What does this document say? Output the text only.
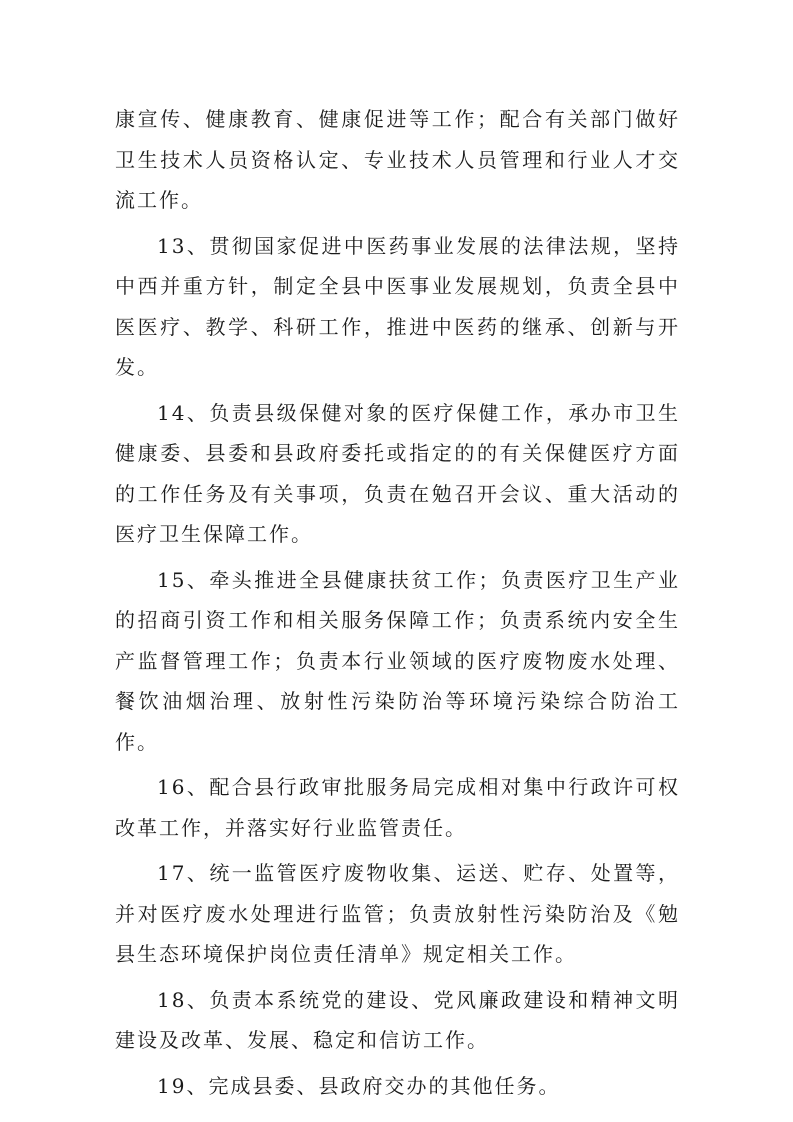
康宣传、健康教育、健康促进等工作；配合有关部门做好卫生技术人员资格认定、专业技术人员管理和行业人才交流工作。

13、贯彻国家促进中医药事业发展的法律法规，坚持中西并重方针，制定全县中医事业发展规划，负责全县中医医疗、教学、科研工作，推进中医药的继承、创新与开发。

14、负责县级保健对象的医疗保健工作，承办市卫生健康委、县委和县政府委托或指定的的有关保健医疗方面的工作任务及有关事项，负责在勉召开会议、重大活动的医疗卫生保障工作。

15、牵头推进全县健康扶贫工作；负责医疗卫生产业的招商引资工作和相关服务保障工作；负责系统内安全生产监督管理工作；负责本行业领域的医疗废物废水处理、餐饮油烟治理、放射性污染防治等环境污染综合防治工作。

16、配合县行政审批服务局完成相对集中行政许可权改革工作，并落实好行业监管责任。

17、统一监管医疗废物收集、运送、贮存、处置等，并对医疗废水处理进行监管；负责放射性污染防治及《勉县生态环境保护岗位责任清单》规定相关工作。

18、负责本系统党的建设、党风廉政建设和精神文明建设及改革、发展、稳定和信访工作。

19、完成县委、县政府交办的其他任务。
